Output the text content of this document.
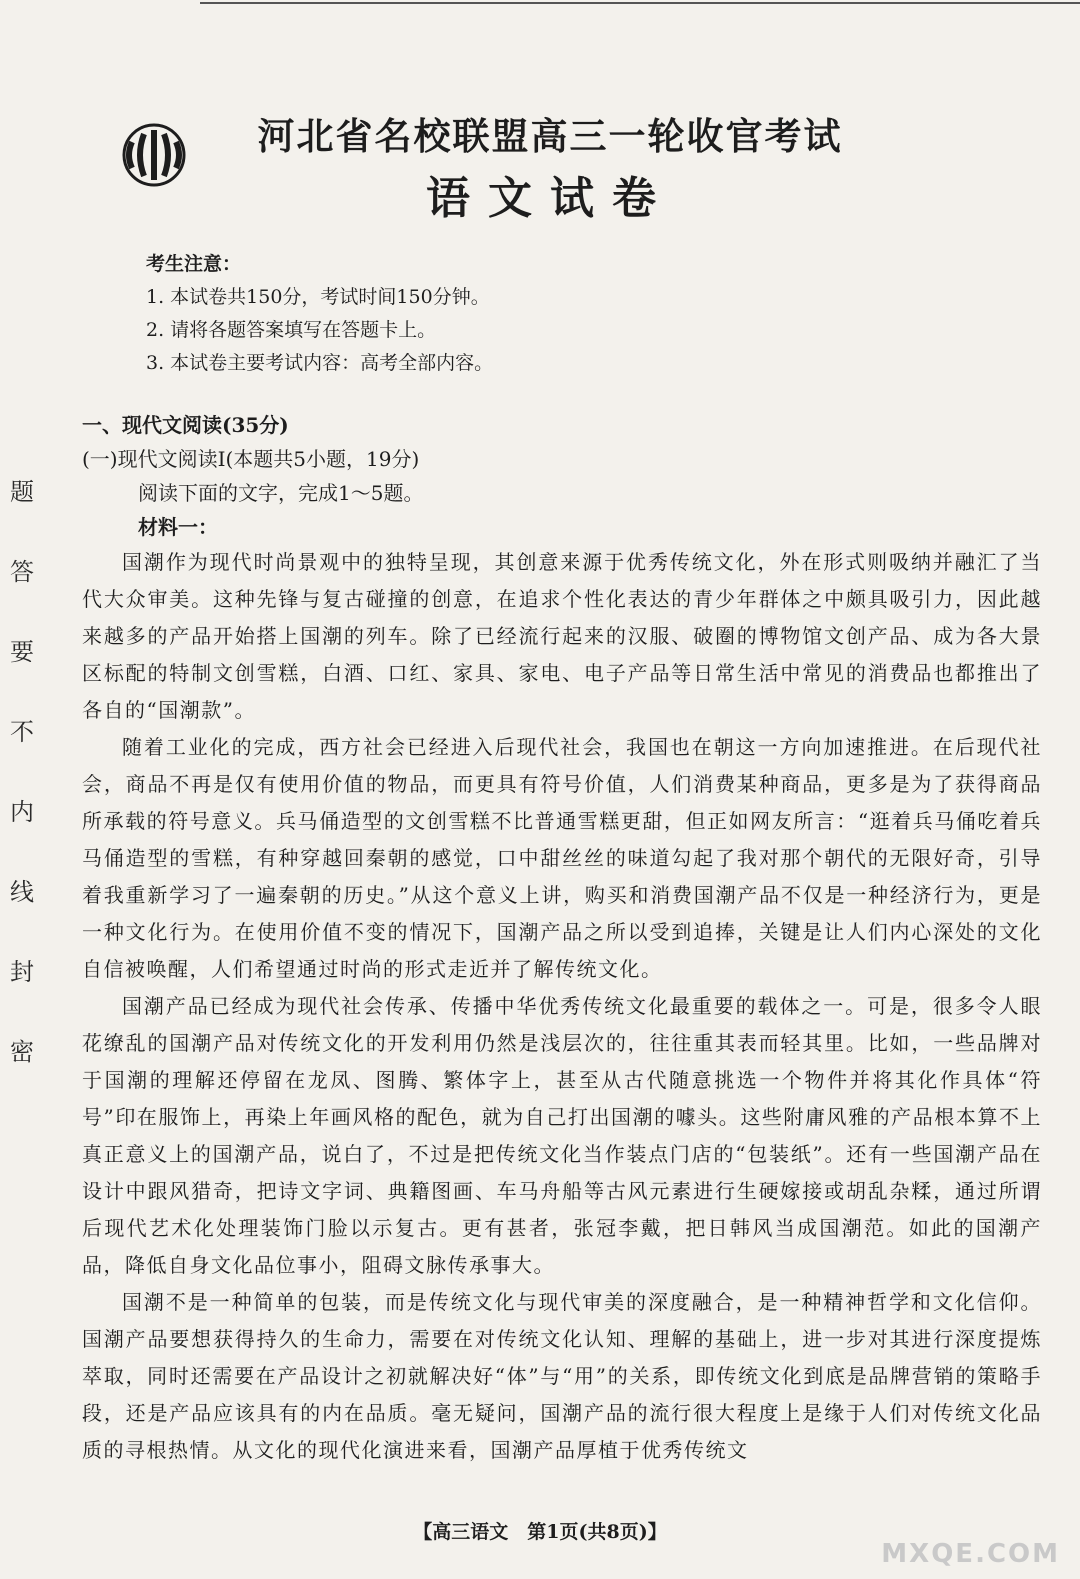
题
答
要
不
内
线
封
密
河北省名校联盟高三一轮收官考试
语文试卷
考生注意：
1. 本试卷共150分，考试时间150分钟。
2. 请将各题答案填写在答题卡上。
3. 本试卷主要考试内容：高考全部内容。
一、现代文阅读(35分)
(一)现代文阅读Ⅰ(本题共5小题，19分)
阅读下面的文字，完成1～5题。
材料一：

国潮作为现代时尚景观中的独特呈现，其创意来源于优秀传统文化，外在形式则吸纳并融汇了当代大众审美。这种先锋与复古碰撞的创意，在追求个性化表达的青少年群体之中颇具吸引力，因此越来越多的产品开始搭上国潮的列车。除了已经流行起来的汉服、破圈的博物馆文创产品、成为各大景区标配的特制文创雪糕，白酒、口红、家具、家电、电子产品等日常生活中常见的消费品也都推出了各自的“国潮款”。

随着工业化的完成，西方社会已经进入后现代社会，我国也在朝这一方向加速推进。在后现代社会，商品不再是仅有使用价值的物品，而更具有符号价值，人们消费某种商品，更多是为了获得商品所承载的符号意义。兵马俑造型的文创雪糕不比普通雪糕更甜，但正如网友所言：“逛着兵马俑吃着兵马俑造型的雪糕，有种穿越回秦朝的感觉，口中甜丝丝的味道勾起了我对那个朝代的无限好奇，引导着我重新学习了一遍秦朝的历史。”从这个意义上讲，购买和消费国潮产品不仅是一种经济行为，更是一种文化行为。在使用价值不变的情况下，国潮产品之所以受到追捧，关键是让人们内心深处的文化自信被唤醒，人们希望通过时尚的形式走近并了解传统文化。

国潮产品已经成为现代社会传承、传播中华优秀传统文化最重要的载体之一。可是，很多令人眼花缭乱的国潮产品对传统文化的开发利用仍然是浅层次的，往往重其表而轻其里。比如，一些品牌对于国潮的理解还停留在龙凤、图腾、繁体字上，甚至从古代随意挑选一个物件并将其化作具体“符号”印在服饰上，再染上年画风格的配色，就为自己打出国潮的噱头。这些附庸风雅的产品根本算不上真正意义上的国潮产品，说白了，不过是把传统文化当作装点门店的“包装纸”。还有一些国潮产品在设计中跟风猎奇，把诗文字词、典籍图画、车马舟船等古风元素进行生硬嫁接或胡乱杂糅，通过所谓后现代艺术化处理装饰门脸以示复古。更有甚者，张冠李戴，把日韩风当成国潮范。如此的国潮产品，降低自身文化品位事小，阻碍文脉传承事大。

国潮不是一种简单的包装，而是传统文化与现代审美的深度融合，是一种精神哲学和文化信仰。国潮产品要想获得持久的生命力，需要在对传统文化认知、理解的基础上，进一步对其进行深度提炼萃取，同时还需要在产品设计之初就解决好“体”与“用”的关系，即传统文化到底是品牌营销的策略手段，还是产品应该具有的内在品质。毫无疑问，国潮产品的流行很大程度上是缘于人们对传统文化品质的寻根热情。从文化的现代化演进来看，国潮产品厚植于优秀传统文

【高三语文　第1页(共8页)】
MXQE.COM
